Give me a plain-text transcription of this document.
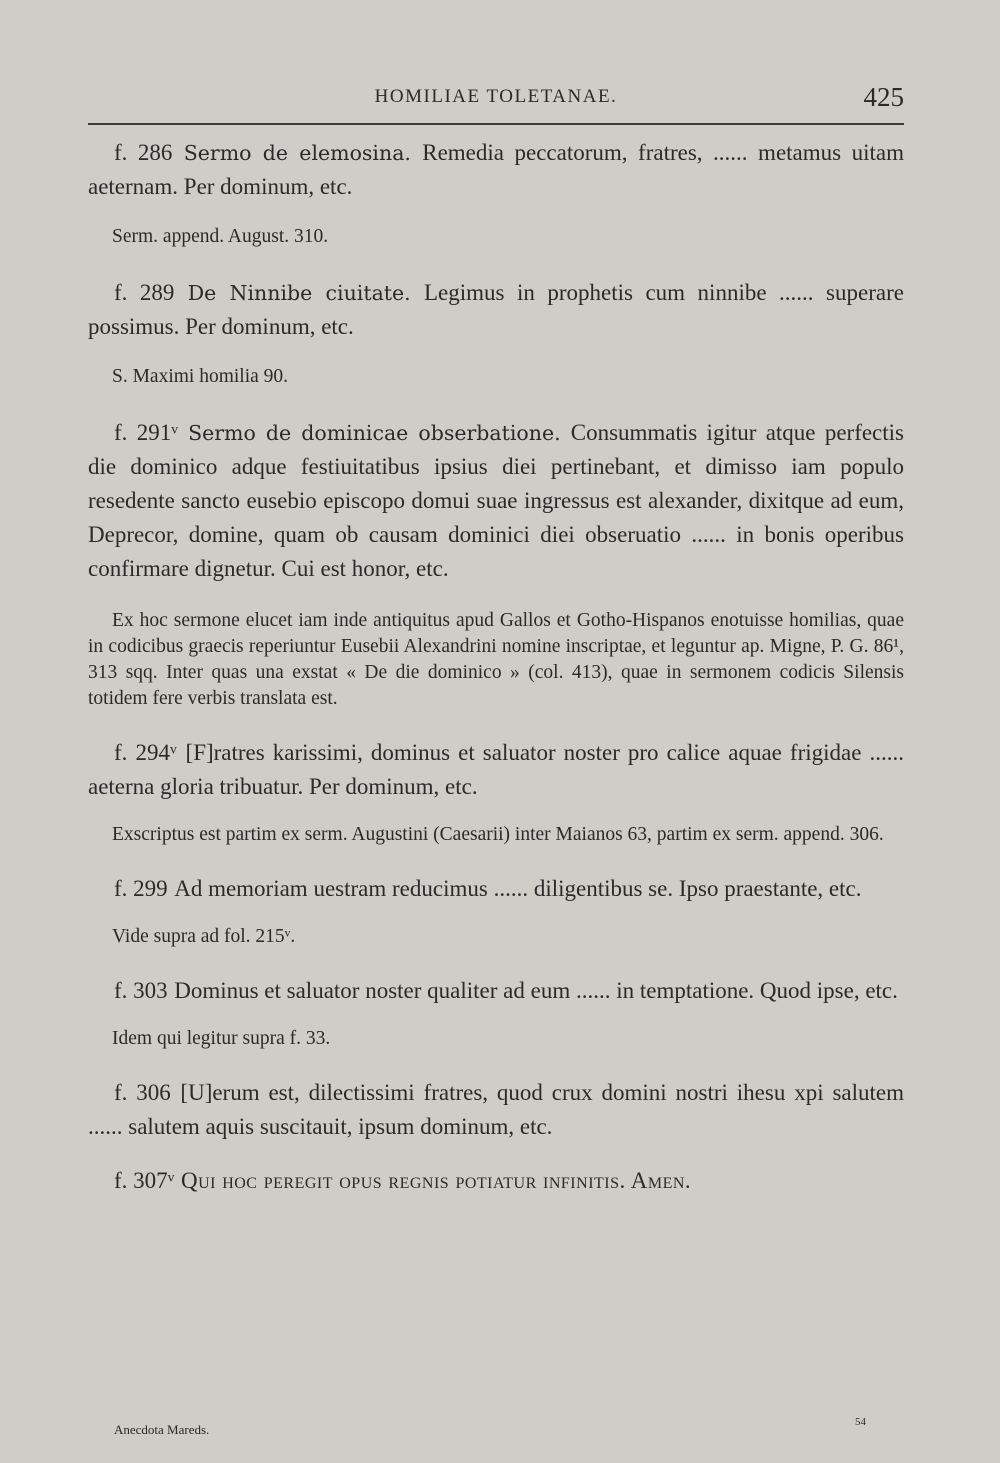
HOMILIAE TOLETANAE.	425

f. 286 Sermo de elemosina. Remedia peccatorum, fratres, ...... metamus uitam aeternam. Per dominum, etc.

Serm. append. August. 310.

f. 289 De Ninnibe ciuitate. Legimus in prophetis cum ninnibe ...... superare possimus. Per dominum, etc.

S. Maximi homilia 90.

f. 291ᵛ Sermo de dominicae obserbatione. Consummatis igitur atque perfectis die dominico adque festiuitatibus ipsius diei pertinebant, et dimisso iam populo resedente sancto eusebio episcopo domui suae ingressus est alexander, dixitque ad eum, Deprecor, domine, quam ob causam dominici diei obseruatio ...... in bonis operibus confirmare dignetur. Cui est honor, etc.

Ex hoc sermone elucet iam inde antiquitus apud Gallos et Gotho-Hispanos enotuisse homilias, quae in codicibus graecis reperiuntur Eusebii Alexandrini nomine inscriptae, et leguntur ap. Migne, P. G. 86¹, 313 sqq. Inter quas una exstat « De die dominico » (col. 413), quae in sermonem codicis Silensis totidem fere verbis translata est.

f. 294ᵛ [F]ratres karissimi, dominus et saluator noster pro calice aquae frigidae ...... aeterna gloria tribuatur. Per dominum, etc.

Exscriptus est partim ex serm. Augustini (Caesarii) inter Maianos 63, partim ex serm. append. 306.

f. 299 Ad memoriam uestram reducimus ...... diligentibus se. Ipso praestante, etc.

Vide supra ad fol. 215ᵛ.

f. 303 Dominus et saluator noster qualiter ad eum ...... in temptatione. Quod ipse, etc.

Idem qui legitur supra f. 33.

f. 306 [U]erum est, dilectissimi fratres, quod crux domini nostri ihesu xpi salutem ...... salutem aquis suscitauit, ipsum dominum, etc.

f. 307ᵛ Qui hoc peregit opus regnis potiatur infinitis. Amen.

Anecdota Mareds.	54
